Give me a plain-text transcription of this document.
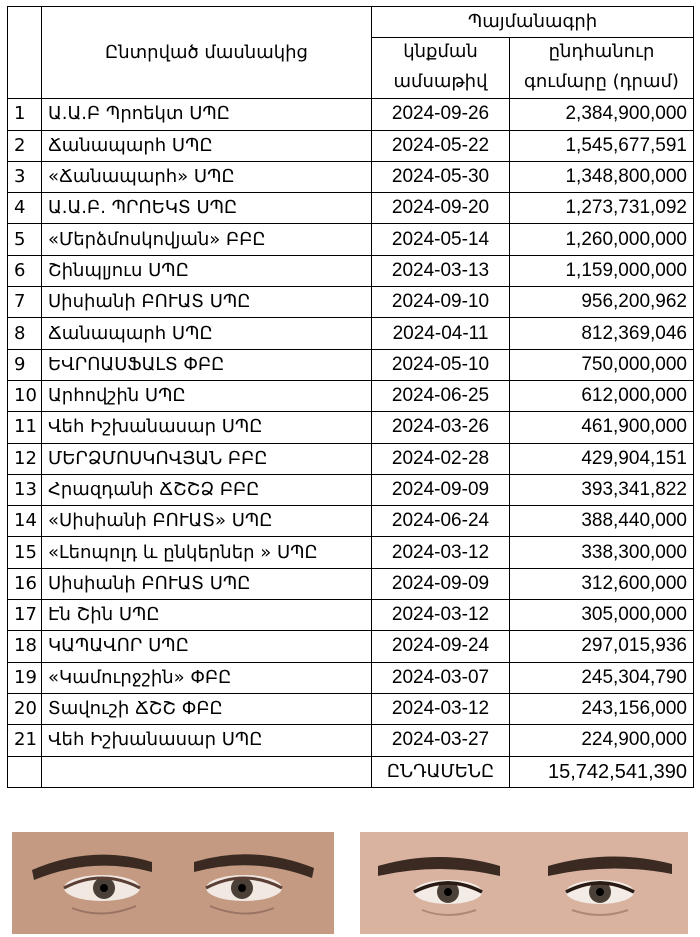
	Ընտրված մասնակից	Պայմանագրի	
		կնքման	ընդհանուր
		ամսաթիվ	գումարը (դրամ)
1	Ա.Ա.Բ Պրոեկտ ՍՊԸ	2024-09-26	2,384,900,000
2	Ճանապարհ ՍՊԸ	2024-05-22	1,545,677,591
3	«Ճանապարհ» ՍՊԸ	2024-05-30	1,348,800,000
4	Ա.Ա.Բ. ՊՐՈԵԿՏ ՍՊԸ	2024-09-20	1,273,731,092
5	«Մերձմոսկովյան» ԲԲԸ	2024-05-14	1,260,000,000
6	Շինպլյուս ՍՊԸ	2024-03-13	1,159,000,000
7	Սիսիանի ԲՈՒԱՏ ՍՊԸ	2024-09-10	956,200,962
8	Ճանապարհ ՍՊԸ	2024-04-11	812,369,046
9	ԵՎՐՈԱՍՖԱԼՏ ՓԲԸ	2024-05-10	750,000,000
10	Արհովշին ՍՊԸ	2024-06-25	612,000,000
11	Վեհ Իշխանասար ՍՊԸ	2024-03-26	461,900,000
12	ՄԵՐՁՄՈՍԿՈՎՅԱՆ ԲԲԸ	2024-02-28	429,904,151
13	Հրազդանի ՃՇՇՁ ԲԲԸ	2024-09-09	393,341,822
14	«Սիսիանի ԲՈՒԱՏ» ՍՊԸ	2024-06-24	388,440,000
15	«Լեոպոլդ և ընկերներ » ՍՊԸ	2024-03-12	338,300,000
16	Սիսիանի ԲՈՒԱՏ ՍՊԸ	2024-09-09	312,600,000
17	Էն Շին ՍՊԸ	2024-03-12	305,000,000
18	ԿԱՊԱՎՈՐ ՍՊԸ	2024-09-24	297,015,936
19	«Կամուրջշին» ՓԲԸ	2024-03-07	245,304,790
20	Տավուշի ՃՇՇ ՓԲԸ	2024-03-12	243,156,000
21	Վեհ Իշխանասար ՍՊԸ	2024-03-27	224,900,000
		ԸՆԴԱՄԵՆԸ	15,742,541,390
